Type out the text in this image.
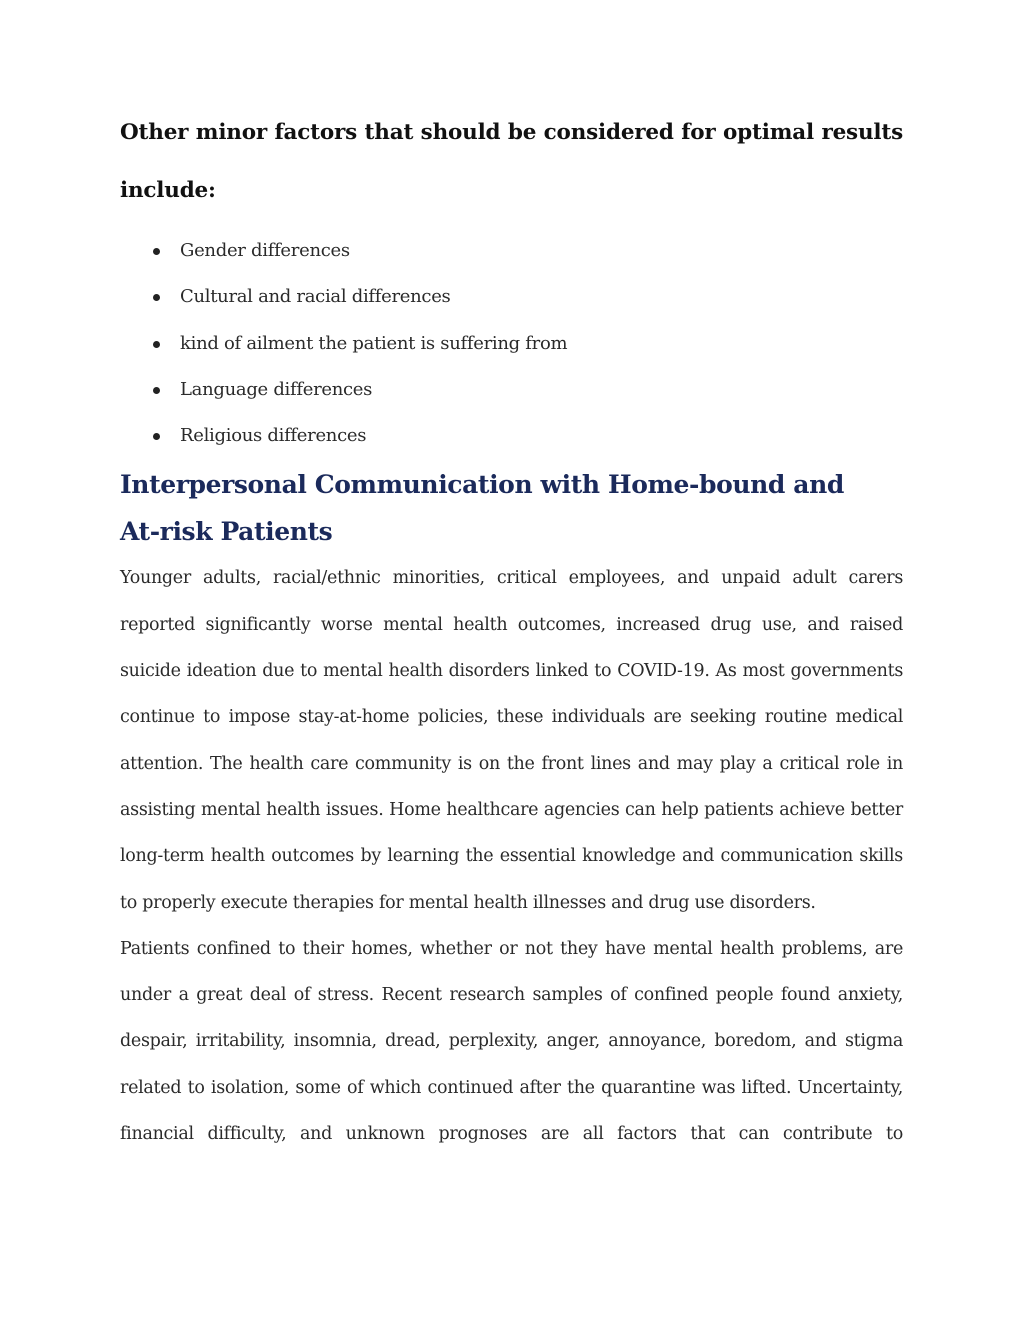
Other minor factors that should be considered for optimal results include:

Gender differences
Cultural and racial differences
kind of ailment the patient is suffering from
Language differences
Religious differences
Interpersonal Communication with Home-bound and
At-risk Patients

Younger adults, racial/ethnic minorities, critical employees, and unpaid adult carers reported significantly worse mental health outcomes, increased drug use, and raised suicide ideation due to mental health disorders linked to COVID-19. As most governments continue to impose stay-at-home policies, these individuals are seeking routine medical attention. The health care community is on the front lines and may play a critical role in assisting mental health issues. Home healthcare agencies can help patients achieve better long-term health outcomes by learning the essential knowledge and communication skills to properly execute therapies for mental health illnesses and drug use disorders.

Patients confined to their homes, whether or not they have mental health problems, are under a great deal of stress. Recent research samples of confined people found anxiety, despair, irritability, insomnia, dread, perplexity, anger, annoyance, boredom, and stigma related to isolation, some of which continued after the quarantine was lifted. Uncertainty, financial difficulty, and unknown prognoses are all factors that can contribute to
